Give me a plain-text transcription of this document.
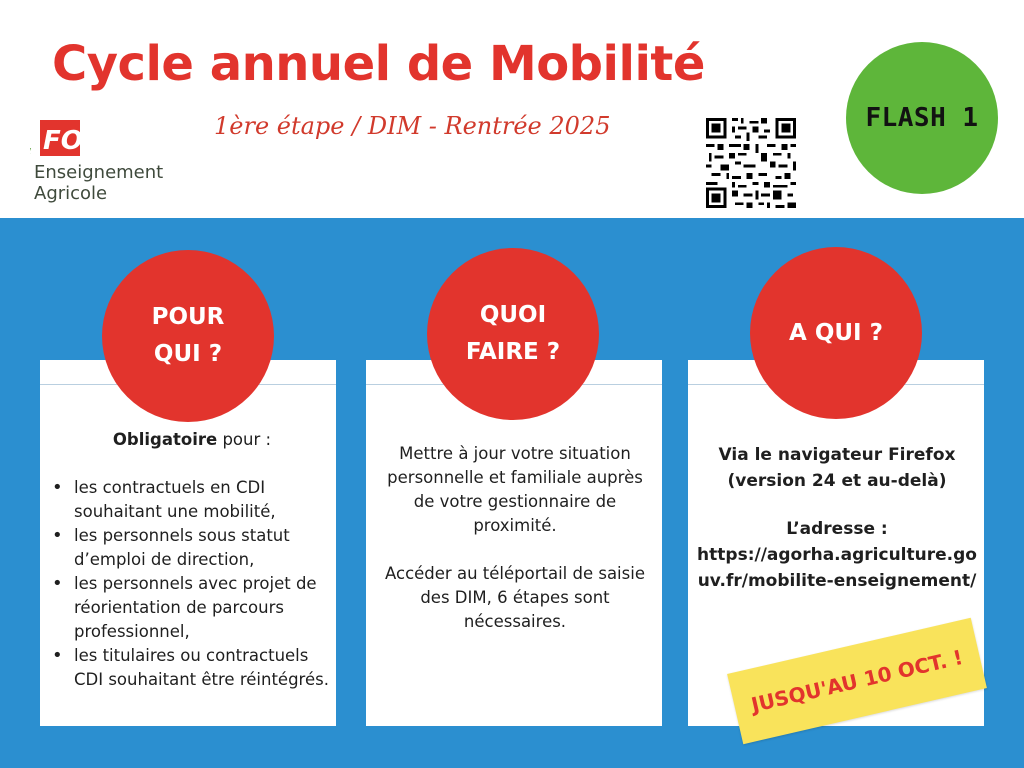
Cycle annuel de Mobilité
1ère étape / DIM - Rentrée 2025
FO
Enseignement
Agricole
FLASH 1
Obligatoire pour :
• les contractuels en CDI souhaitant une mobilité,
• les personnels sous statut d’emploi de direction,
• les personnels avec projet de réorientation de parcours professionnel,
• les titulaires ou contractuels CDI souhaitant être réintégrés.
Mettre à jour votre situation personnelle et familiale auprès de votre gestionnaire de proximité.
Accéder au téléportail de saisie des DIM, 6 étapes sont nécessaires.
Via le navigateur Firefox (version 24 et au-delà)
L’adresse :
https://agorha.agriculture.gouv.fr/mobilite-enseignement/
POUR
QUI ?
QUOI
FAIRE ?
A QUI ?
JUSQU'AU 10 OCT. !
